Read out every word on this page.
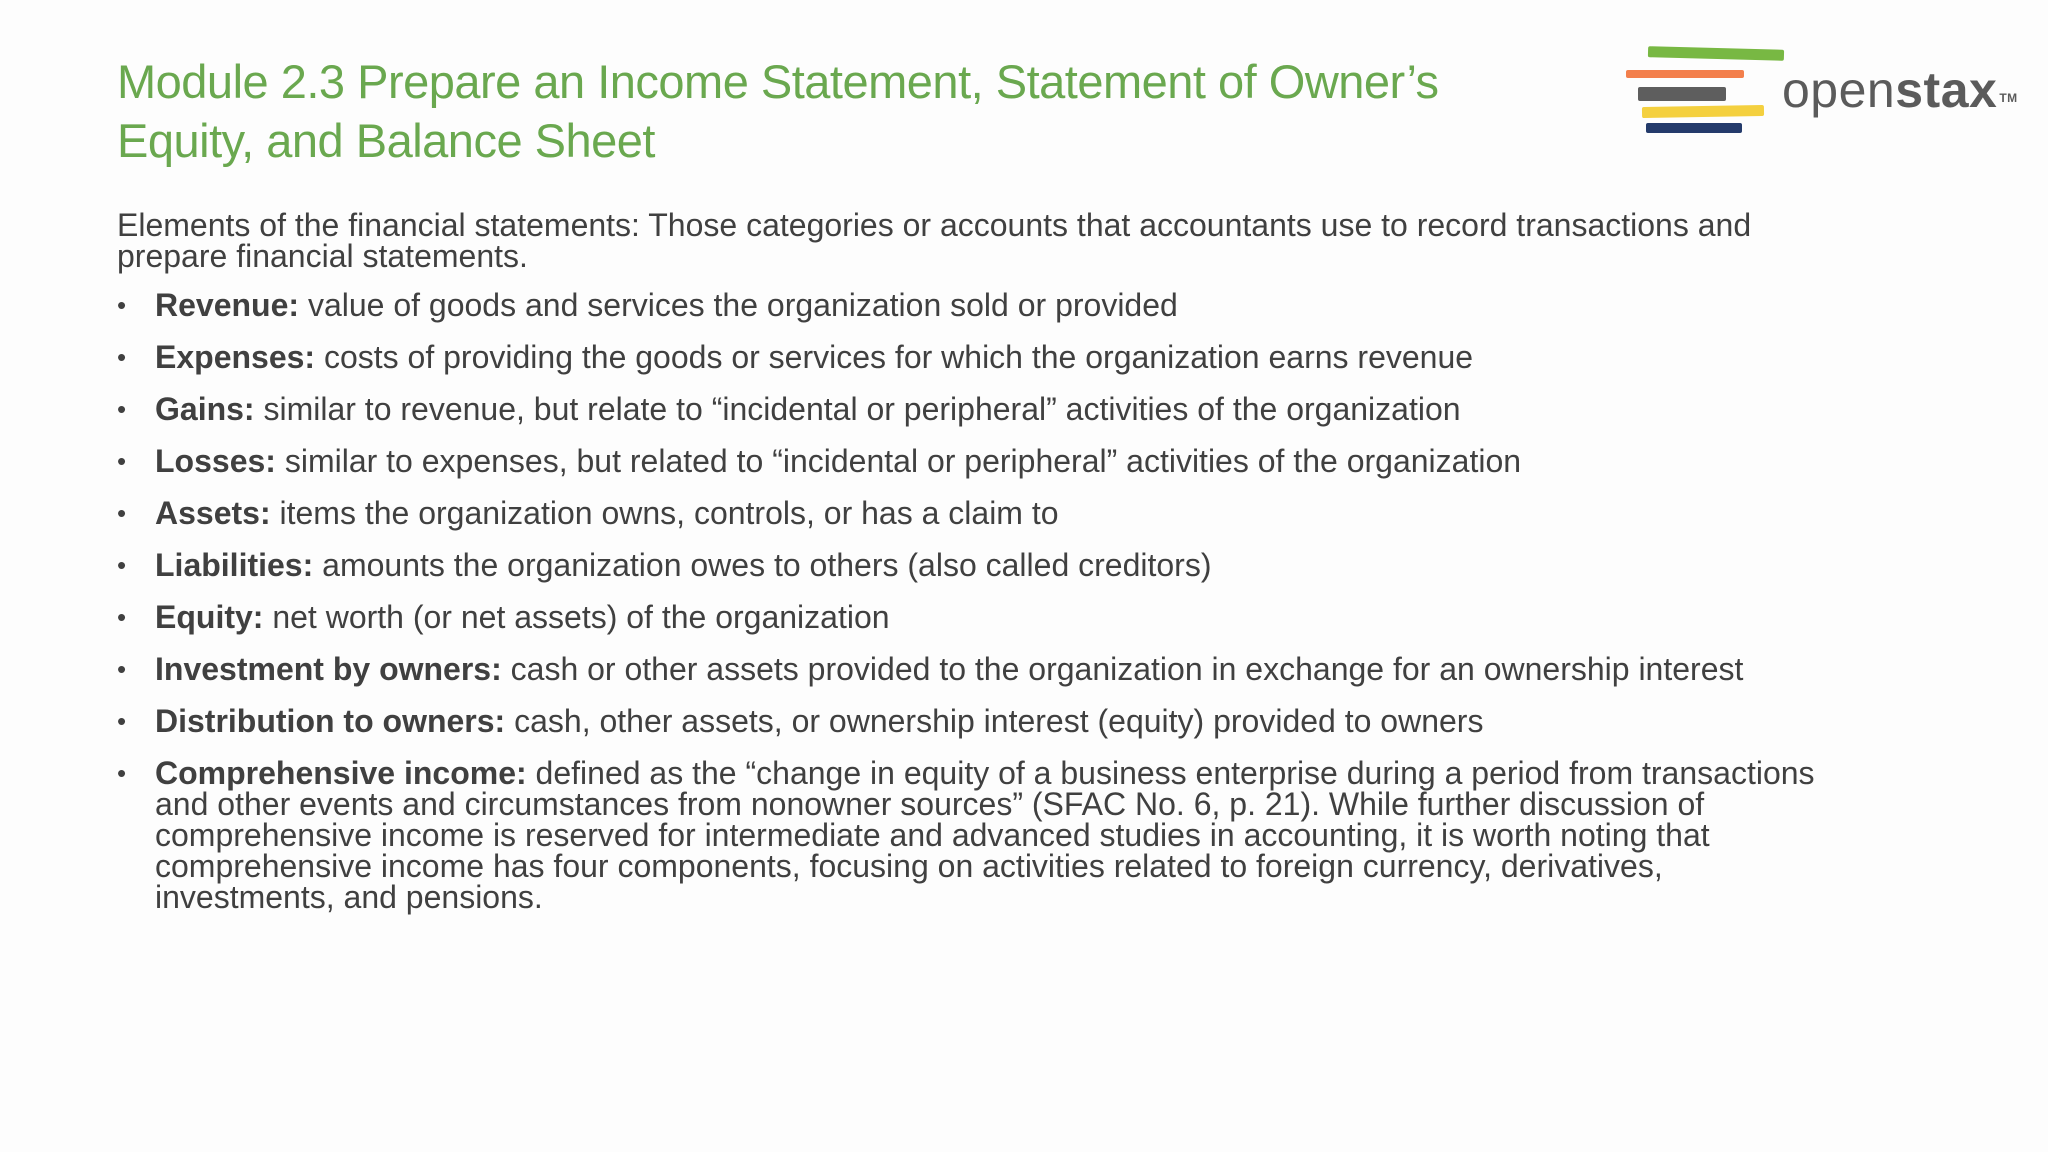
Module 2.3 Prepare an Income Statement, Statement of Owner’s Equity, and Balance Sheet
openstax ™

Elements of the financial statements: Those categories or accounts that accountants use to record transactions and prepare financial statements.

• Revenue: value of goods and services the organization sold or provided
• Expenses: costs of providing the goods or services for which the organization earns revenue
• Gains: similar to revenue, but relate to “incidental or peripheral” activities of the organization
• Losses: similar to expenses, but related to “incidental or peripheral” activities of the organization
• Assets: items the organization owns, controls, or has a claim to
• Liabilities: amounts the organization owes to others (also called creditors)
• Equity: net worth (or net assets) of the organization
• Investment by owners: cash or other assets provided to the organization in exchange for an ownership interest
• Distribution to owners: cash, other assets, or ownership interest (equity) provided to owners
• Comprehensive income: defined as the “change in equity of a business enterprise during a period from transactions and other events and circumstances from nonowner sources” (SFAC No. 6, p. 21). While further discussion of comprehensive income is reserved for intermediate and advanced studies in accounting, it is worth noting that comprehensive income has four components, focusing on activities related to foreign currency, derivatives, investments, and pensions.
